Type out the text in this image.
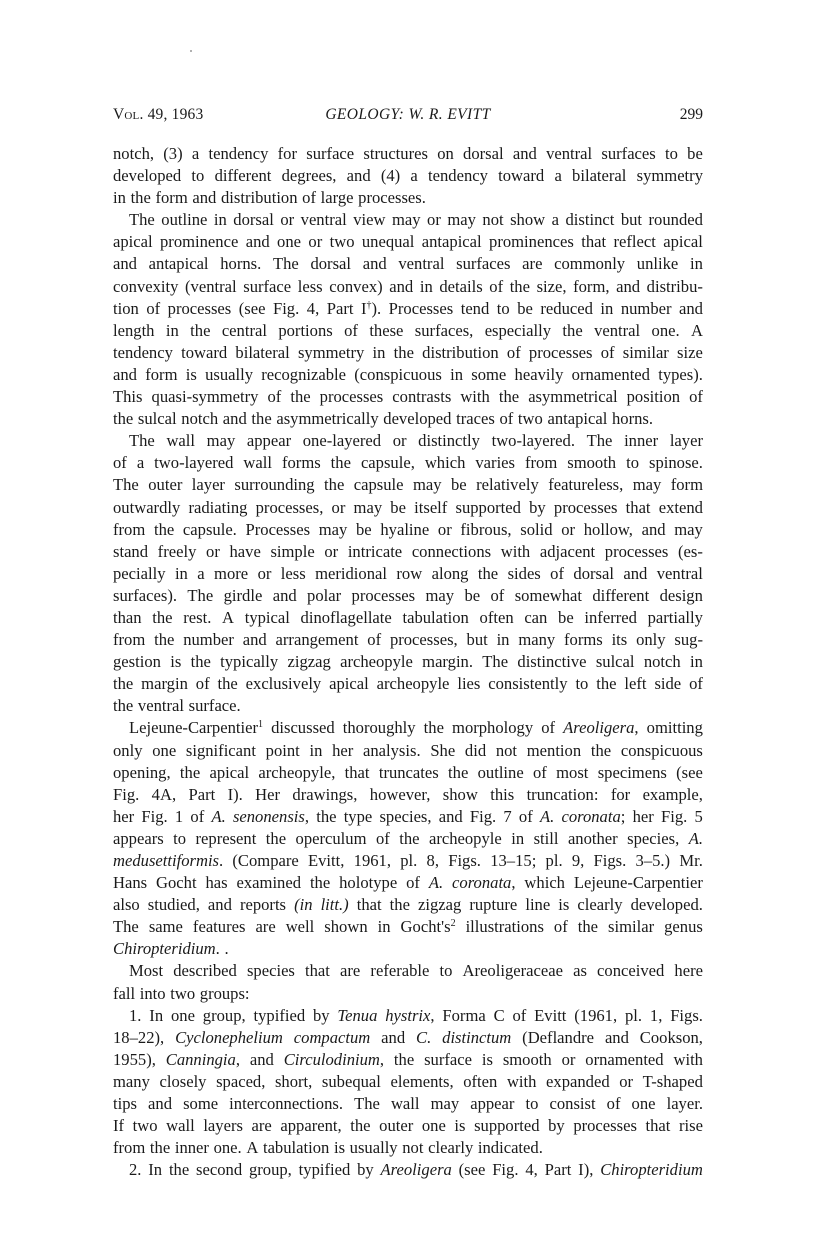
Vol. 49, 1963	GEOLOGY: W. R. EVITT	299
notch, (3) a tendency for surface structures on dorsal and ventral surfaces to be
developed to different degrees, and (4) a tendency toward a bilateral symmetry
in the form and distribution of large processes.
The outline in dorsal or ventral view may or may not show a distinct but rounded
apical prominence and one or two unequal antapical prominences that reflect apical
and antapical horns. The dorsal and ventral surfaces are commonly unlike in
convexity (ventral surface less convex) and in details of the size, form, and distribu-
tion of processes (see Fig. 4, Part I†). Processes tend to be reduced in number and
length in the central portions of these surfaces, especially the ventral one. A
tendency toward bilateral symmetry in the distribution of processes of similar size
and form is usually recognizable (conspicuous in some heavily ornamented types).
This quasi-symmetry of the processes contrasts with the asymmetrical position of
the sulcal notch and the asymmetrically developed traces of two antapical horns.
The wall may appear one-layered or distinctly two-layered. The inner layer
of a two-layered wall forms the capsule, which varies from smooth to spinose.
The outer layer surrounding the capsule may be relatively featureless, may form
outwardly radiating processes, or may be itself supported by processes that extend
from the capsule. Processes may be hyaline or fibrous, solid or hollow, and may
stand freely or have simple or intricate connections with adjacent processes (es-
pecially in a more or less meridional row along the sides of dorsal and ventral
surfaces). The girdle and polar processes may be of somewhat different design
than the rest. A typical dinoflagellate tabulation often can be inferred partially
from the number and arrangement of processes, but in many forms its only sug-
gestion is the typically zigzag archeopyle margin. The distinctive sulcal notch in
the margin of the exclusively apical archeopyle lies consistently to the left side of
the ventral surface.
Lejeune-Carpentier$^1$ discussed thoroughly the morphology of Areoligera, omitting
only one significant point in her analysis. She did not mention the conspicuous
opening, the apical archeopyle, that truncates the outline of most specimens (see
Fig. 4A, Part I). Her drawings, however, show this truncation: for example,
her Fig. 1 of A. senonensis, the type species, and Fig. 7 of A. coronata; her Fig. 5
appears to represent the operculum of the archeopyle in still another species, A.
medusettiformis. (Compare Evitt, 1961, pl. 8, Figs. 13–15; pl. 9, Figs. 3–5.) Mr.
Hans Gocht has examined the holotype of A. coronata, which Lejeune-Carpentier
also studied, and reports (in litt.) that the zigzag rupture line is clearly developed.
The same features are well shown in $Gocht's^2$ illustrations of the similar genus
Chiropteridium. .
Most described species that are referable to Areoligeraceae as conceived here
fall into two groups:
1. In one group, typified by Tenua hystrix, Forma C of Evitt (1961, pl. 1, Figs.
18–22), Cyclonephelium compactum and C. distinctum (Deflandre and Cookson,
1955), Canningia, and Circulodinium, the surface is smooth or ornamented with
many closely spaced, short, subequal elements, often with expanded or T-shaped
tips and some interconnections. The wall may appear to consist of one layer.
If two wall layers are apparent, the outer one is supported by processes that rise
from the inner one. A tabulation is usually not clearly indicated.
2. In the second group, typified by Areoligera (see Fig. 4, Part I), Chiropteridium
